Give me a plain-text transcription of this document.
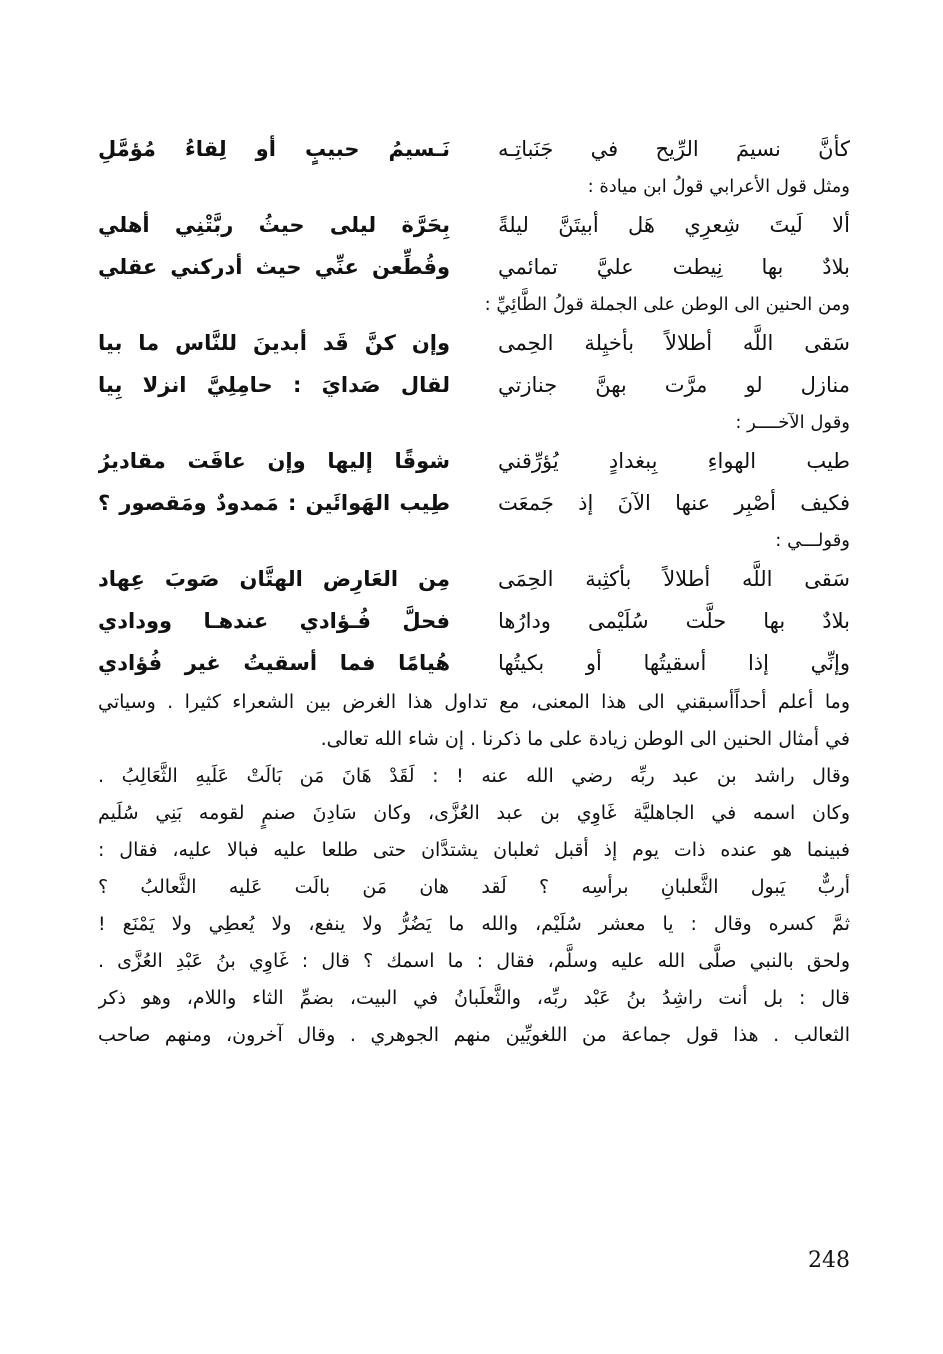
كأنَّ نسيمَ الرِّيح في جَنَباتِـه
نَـسيمُ حبيبٍ أو لِقاءُ مُؤمَّلِ
ومثل قول الأعرابي قولُ ابن ميادة :
ألا لَيتَ شِعرِي هَل أبيتَنَّ ليلةً
بِحَرَّة ليلى حيثُ ربَّتْنِي أهلي
بلادٌ بها نِيطت عليَّ تمائمي
وقُطِّعن عنِّي حيث أدركني عقلي
ومن الحنين الى الوطن على الجملة قولُ الطَّائِيِّ :
سَقى اللَّه أطلالاً بأخيِلة الحِمى
وإن كنَّ قَد أبدينَ للنَّاس ما بيا
منازل لو مرَّت بهنَّ جنازتي
لقال صَدايَ : حامِلِيَّ انزلا بِيا
وقول الآخــــر :
طيب الهواءِ بِبغدادٍ يُؤرِّقني
شوقًا إليها وإن عاقَت مقاديرُ
فكيف أصْبِر عنها الآنَ إذ جَمعَت
طِيب الهَوائَين : مَمدودٌ ومَقصور ؟
وقولـــي :
سَقى اللَّه أطلالاً بأكثِبة الحِمَى
مِن العَارِض الهتَّان صَوبَ عِهاد
بلادٌ بها حلَّت سُلَيْمى ودارُها
فحلَّ فُـؤادي عندهـا وودادي
وإنِّي إذا أسقيتُها أو بكيتُها
هُيامًا فما أسقيتُ غير فُؤادي
وما أعلم أحداًأسبقني الى هذا المعنى، مع تداول هذا الغرض بين الشعراء كثيرا . وسياتي
في أمثال الحنين الى الوطن زيادة على ما ذكرنا . إن شاء الله تعالى.
وقال راشد بن عبد ربِّه رضي الله عنه ! : لَقَدْ هَانَ مَن بَالَتْ عَلَيهِ الثَّعَالِبُ .
وكان اسمه في الجاهليَّة غَاوِي بن عبد العُزَّى، وكان سَادِنَ صنمٍ لقومه بَنِي سُلَيم
فبينما هو عنده ذات يوم إذ أقبل ثعلبان يشتدَّان حتى طلعا عليه فبالا عليه، فقال :
أربٌّ يَبول الثَّعلبانِ برأسِه ؟ لَقد هان مَن بالَت عَليه الثَّعالبُ ؟
ثمَّ كسره وقال : يا معشر سُلَيْم، والله ما يَضُرُّ ولا ينفع، ولا يُعطِي ولا يَمْنَع !
ولحق بالنبي صلَّى الله عليه وسلَّم، فقال : ما اسمك ؟ قال : غَاوِي بنُ عَبْدِ العُزَّى .
قال : بل أنت راشِدُ بنُ عَبْد ربِّه، والثَّعلَبانُ في البيت، بضمِّ الثاء واللام، وهو ذكر
الثعالب . هذا قول جماعة من اللغويِّين منهم الجوهري . وقال آخرون، ومنهم صاحب
248
